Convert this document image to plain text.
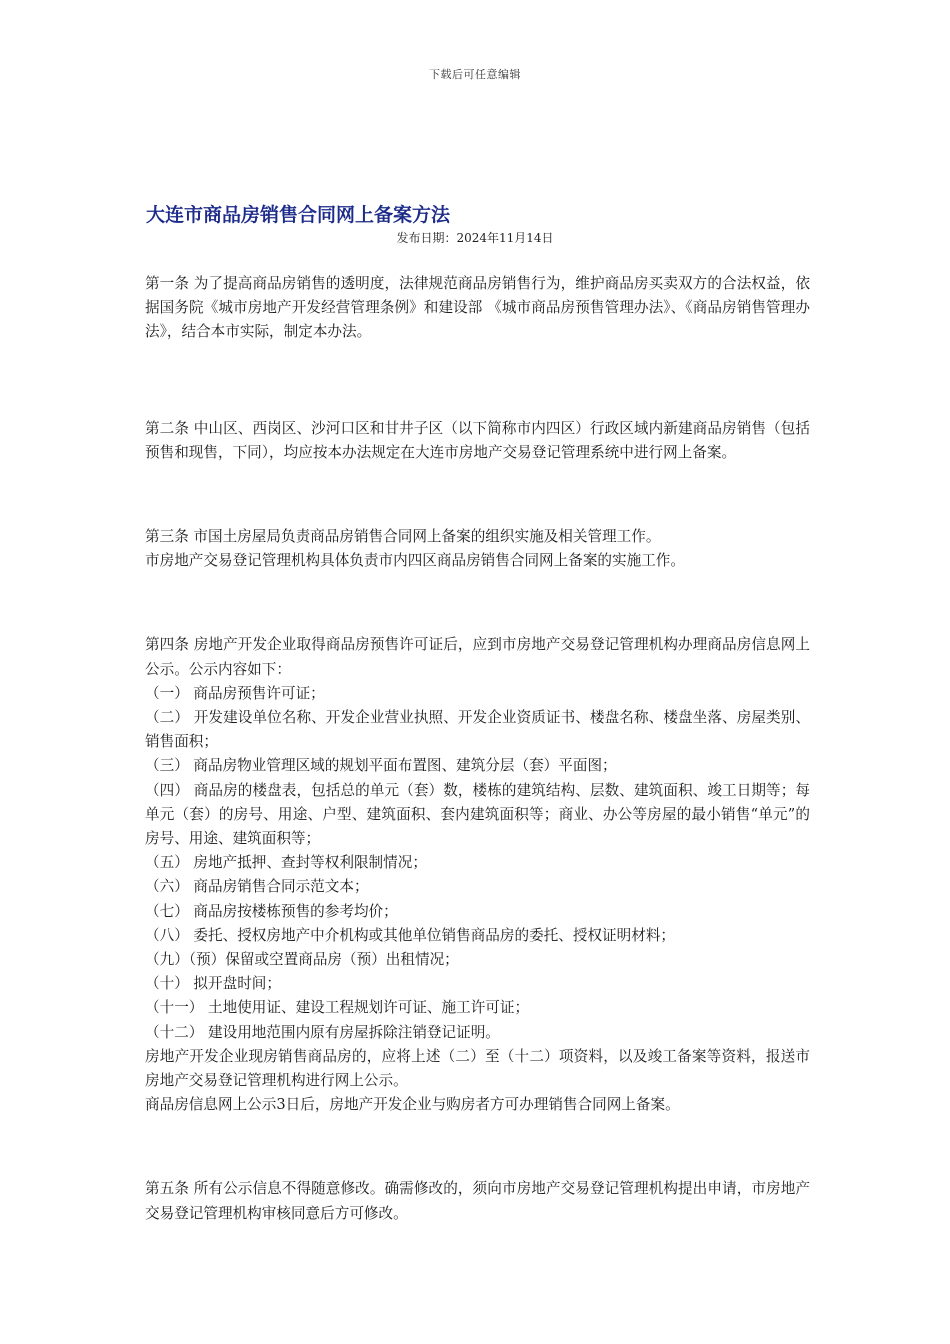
下载后可任意编辑
大连市商品房销售合同网上备案方法
发布日期：2024年11月14日

第一条 为了提高商品房销售的透明度，法律规范商品房销售行为，维护商品房买卖双方的合法权益，依据国务院《城市房地产开发经营管理条例》和建设部 《城市商品房预售管理办法》、《商品房销售管理办法》，结合本市实际，制定本办法。

第二条 中山区、西岗区、沙河口区和甘井子区（以下简称市内四区）行政区域内新建商品房销售（包括预售和现售，下同），均应按本办法规定在大连市房地产交易登记管理系统中进行网上备案。

第三条 市国土房屋局负责商品房销售合同网上备案的组织实施及相关管理工作。

市房地产交易登记管理机构具体负责市内四区商品房销售合同网上备案的实施工作。

第四条 房地产开发企业取得商品房预售许可证后，应到市房地产交易登记管理机构办理商品房信息网上公示。公示内容如下：

（一） 商品房预售许可证；

（二） 开发建设单位名称、开发企业营业执照、开发企业资质证书、楼盘名称、楼盘坐落、房屋类别、销售面积；

（三） 商品房物业管理区域的规划平面布置图、建筑分层（套）平面图；

（四） 商品房的楼盘表，包括总的单元（套）数，楼栋的建筑结构、层数、建筑面积、竣工日期等；每单元（套）的房号、用途、户型、建筑面积、套内建筑面积等；商业、办公等房屋的最小销售“单元”的房号、用途、建筑面积等；

（五） 房地产抵押、查封等权利限制情况；

（六） 商品房销售合同示范文本；

（七） 商品房按楼栋预售的参考均价；

（八） 委托、授权房地产中介机构或其他单位销售商品房的委托、授权证明材料；

（九）（预）保留或空置商品房（预）出租情况；

（十） 拟开盘时间；

（十一） 土地使用证、建设工程规划许可证、施工许可证；

（十二） 建设用地范围内原有房屋拆除注销登记证明。

房地产开发企业现房销售商品房的，应将上述（二）至（十二）项资料，以及竣工备案等资料，报送市房地产交易登记管理机构进行网上公示。

商品房信息网上公示3日后，房地产开发企业与购房者方可办理销售合同网上备案。

第五条 所有公示信息不得随意修改。确需修改的，须向市房地产交易登记管理机构提出申请，市房地产交易登记管理机构审核同意后方可修改。
